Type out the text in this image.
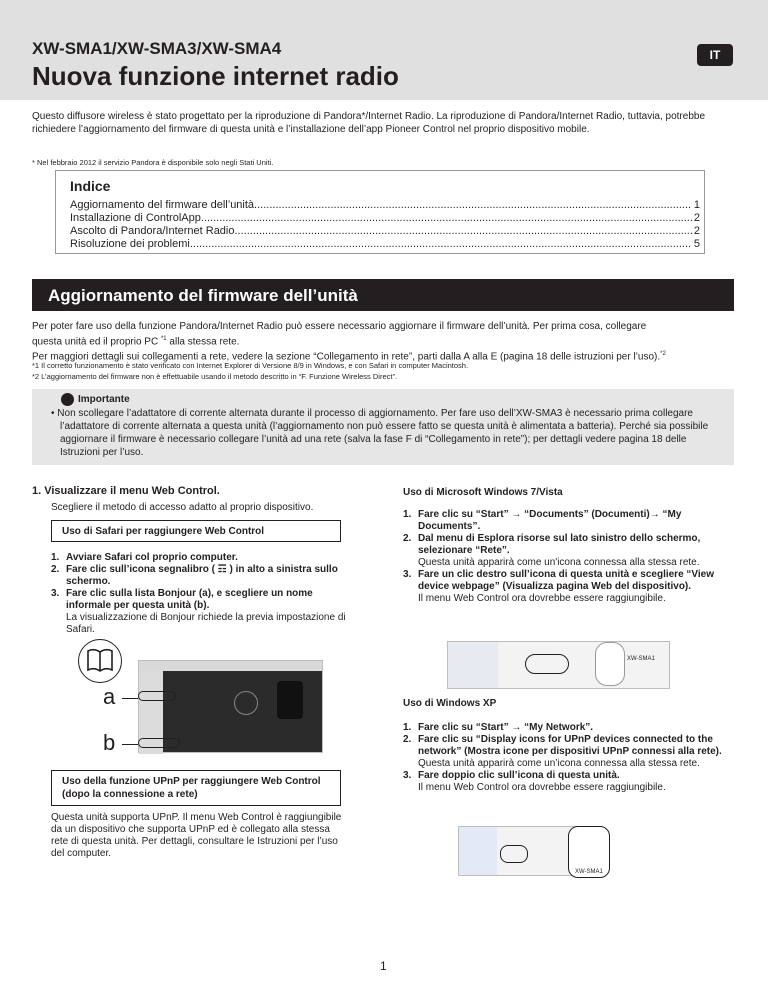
XW-SMA1/XW-SMA3/XW-SMA4	IT
Nuova funzione internet radio

Questo diffusore wireless è stato progettato per la riproduzione di Pandora*/Internet Radio. La riproduzione di Pandora/Internet Radio, tuttavia, potrebbe richiedere l’aggiornamento del firmware di questa unità e l’installazione dell’app Pioneer Control nel proprio dispositivo mobile.

* Nel febbraio 2012 il servizio Pandora è disponibile solo negli Stati Uniti.

Indice
Aggiornamento del firmware dell’unità .....	1
Installazione di ControlApp .....	2
Ascolto di Pandora/Internet Radio .....	2
Risoluzione dei problemi .....	5
Aggiornamento del firmware dell’unità
Per poter fare uso della funzione Pandora/Internet Radio può essere necessario aggiornare il firmware dell’unità. Per prima cosa, collegare
questa unità ed il proprio PC $^{*1}$ alla stessa rete.
Per maggiori dettagli sui collegamenti a rete, vedere la sezione “Collegamento in rete”, parti dalla A alla E (pagina 18 delle istruzioni per l’uso).$^{*2}$
*1 Il corretto funzionamento è stato verificato con Internet Explorer di Versione 8/9 in Windows, e con Safari in computer Macintosh.
*2 L’aggiornamento del firmware non è effettuabile usando il metodo descritto in “F. Funzione Wireless Direct”.
Importante
• Non scollegare l’adattatore di corrente alternata durante il processo di aggiornamento. Per fare uso dell’XW-SMA3 è necessario prima collegare l’adattatore di corrente alternata a questa unità (l’aggiornamento non può essere fatto se questa unità è alimentata a batteria). Perché sia possibile aggiornare il firmware è necessario collegare l’unità ad una rete (salva la fase F di “Collegamento in rete”); per dettagli vedere pagina 18 delle Istruzioni per l’uso.
1. Visualizzare il menu Web Control.
Scegliere il metodo di accesso adatto al proprio dispositivo.
Uso di Safari per raggiungere Web Control
1. Avviare Safari col proprio computer.
2. Fare clic sull’icona segnalibro ( ☶ ) in alto a sinistra sullo schermo.
3. Fare clic sulla lista Bonjour (a), e scegliere un nome informale per questa unità (b).
La visualizzazione di Bonjour richiede la previa impostazione di Safari.
a
b
Uso della funzione UPnP per raggiungere Web Control (dopo la connessione a rete)

Questa unità supporta UPnP. Il menu Web Control è raggiungibile da un dispositivo che supporta UPnP ed è collegato alla stessa rete di questa unità. Per dettagli, consultare le Istruzioni per l’uso del computer.

Uso di Microsoft Windows 7/Vista
1. Fare clic su “Start” → “Documents” (Documenti)→ “My Documents”.
2. Dal menu di Esplora risorse sul lato sinistro dello schermo, selezionare “Rete”.
Questa unità apparirà come un'icona connessa alla stessa rete.
3. Fare un clic destro sull’icona di questa unità e scegliere “View device webpage” (Visualizza pagina Web del dispositivo).
Il menu Web Control ora dovrebbe essere raggiungibile.
XW-SMA1
Uso di Windows XP
1. Fare clic su “Start” → “My Network”.
2. Fare clic su “Display icons for UPnP devices connected to the network” (Mostra icone per dispositivi UPnP connessi alla rete).
Questa unità apparirà come un’icona connessa alla stessa rete.
3. Fare doppio clic sull’icona di questa unità.
Il menu Web Control ora dovrebbe essere raggiungibile.
XW-SMA1
1
